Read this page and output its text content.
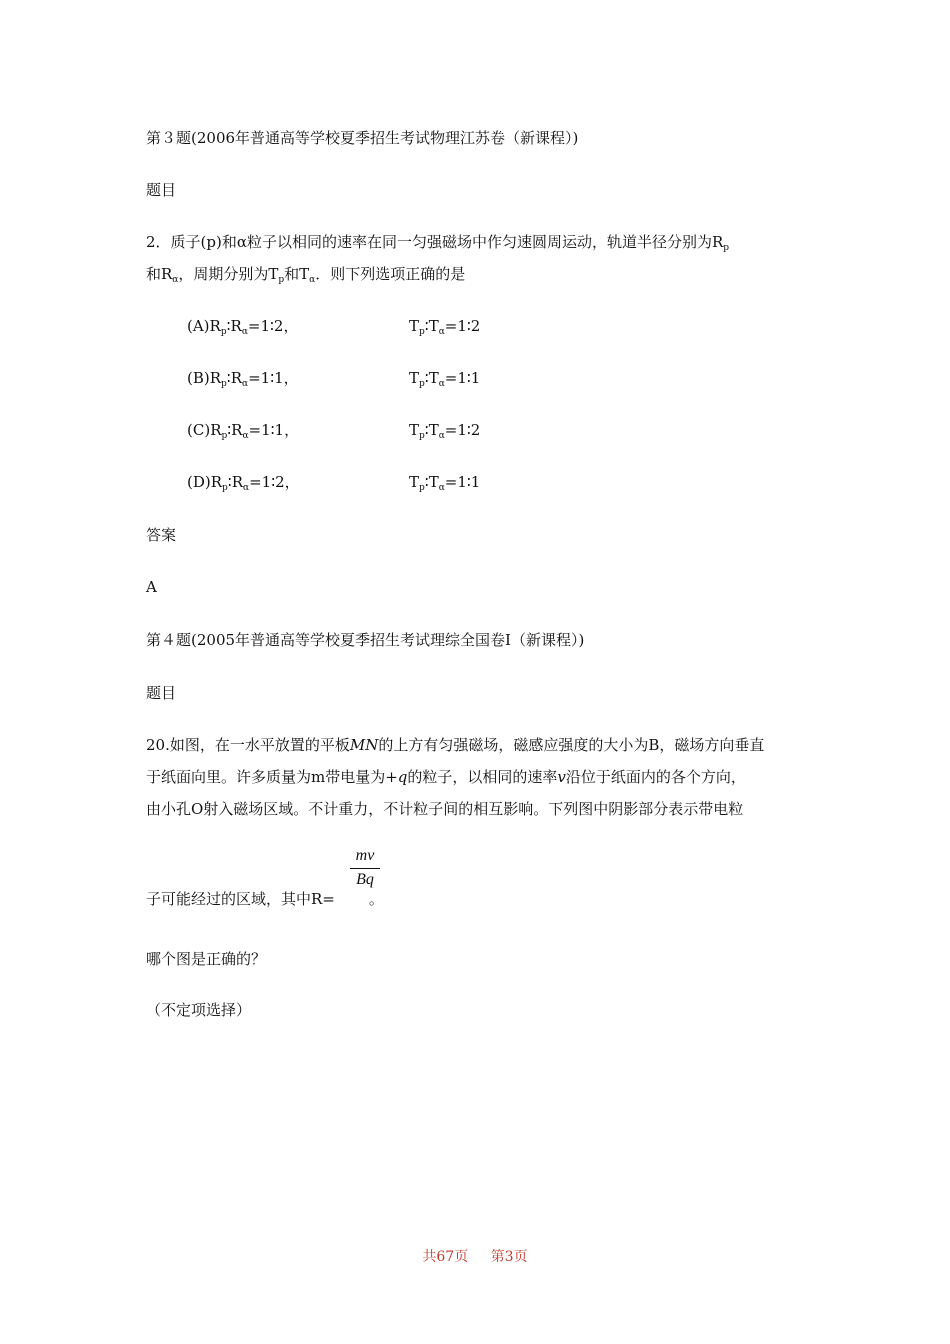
第３题(2006年普通高等学校夏季招生考试物理江苏卷（新课程）)
题目
2．质子(p)和α粒子以相同的速率在同一匀强磁场中作匀速圆周运动，轨道半径分别为$R_p$
和$R_\alpha$，周期分别为$T_p$和$T_\alpha$．则下列选项正确的是
$(A)R_p∶R_\alpha=1∶2$，	$T_p∶T_\alpha=1∶2$
$(B)R_p∶R_\alpha=1∶1$，	$T_p∶T_\alpha=1∶1$
$(C)R_p∶R_\alpha=1∶1$，	$T_p∶T_\alpha=1∶2$
$(D)R_p∶R_\alpha=1∶2$，	$T_p∶T_\alpha=1∶1$
答案
A
第４题(2005年普通高等学校夏季招生考试理综全国卷Ⅰ（新课程）)
题目
20.如图，在一水平放置的平板MN的上方有匀强磁场，磁感应强度的大小为B，磁场方向垂直
于纸面向里。许多质量为m带电量为+q的粒子，以相同的速率v沿位于纸面内的各个方向，
由小孔O射入磁场区域。不计重力，不计粒子间的相互影响。下列图中阴影部分表示带电粒
子可能经过的区域，其中R= 。
mv
Bq
哪个图是正确的？
（不定项选择）
共67页 第3页
